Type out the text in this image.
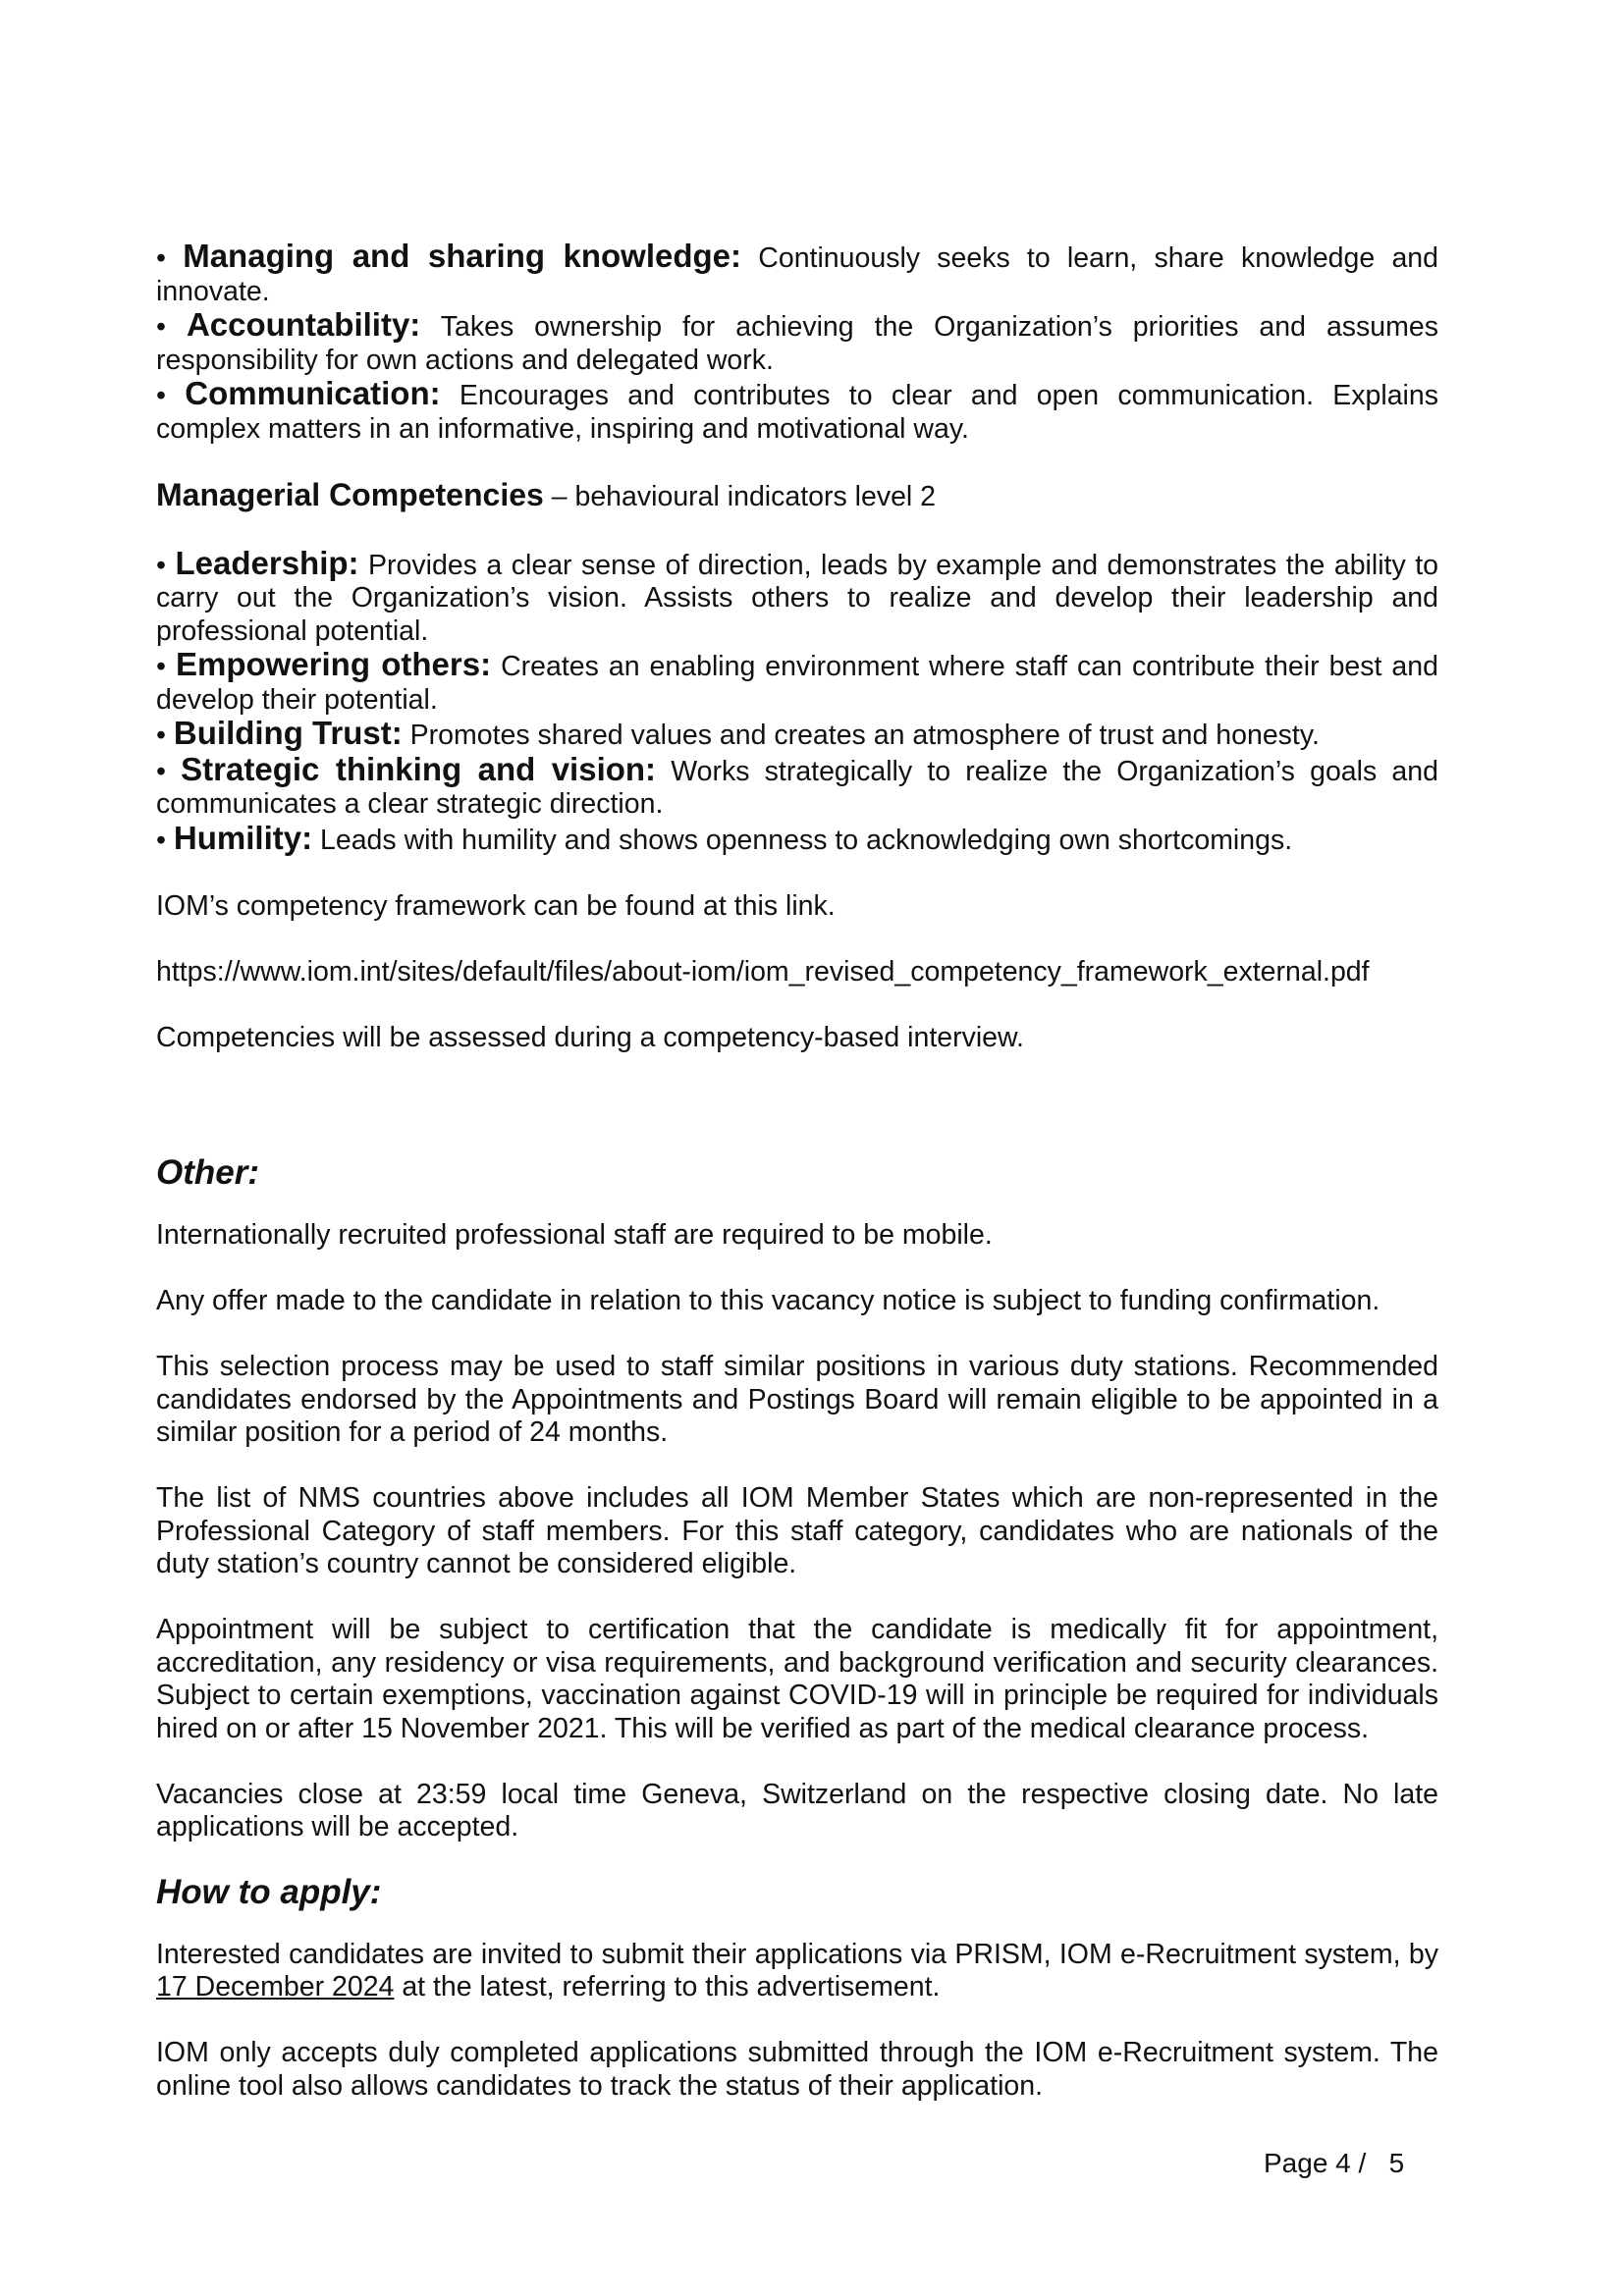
• Managing and sharing knowledge: Continuously seeks to learn, share knowledge and innovate.

• Accountability: Takes ownership for achieving the Organization’s priorities and assumes responsibility for own actions and delegated work.

• Communication: Encourages and contributes to clear and open communication. Explains complex matters in an informative, inspiring and motivational way.

Managerial Competencies – behavioural indicators level 2

• Leadership: Provides a clear sense of direction, leads by example and demonstrates the ability to carry out the Organization’s vision. Assists others to realize and develop their leadership and professional potential.

• Empowering others: Creates an enabling environment where staff can contribute their best and develop their potential.

• Building Trust: Promotes shared values and creates an atmosphere of trust and honesty.

• Strategic thinking and vision: Works strategically to realize the Organization’s goals and communicates a clear strategic direction.

• Humility: Leads with humility and shows openness to acknowledging own shortcomings.

IOM’s competency framework can be found at this link.

https://www.iom.int/sites/default/files/about-iom/iom_revised_competency_framework_external.pdf

Competencies will be assessed during a competency-based interview.

Other:

Internationally recruited professional staff are required to be mobile.

Any offer made to the candidate in relation to this vacancy notice is subject to funding confirmation.

This selection process may be used to staff similar positions in various duty stations. Recommended candidates endorsed by the Appointments and Postings Board will remain eligible to be appointed in a similar position for a period of 24 months.

The list of NMS countries above includes all IOM Member States which are non-represented in the Professional Category of staff members. For this staff category, candidates who are nationals of the duty station’s country cannot be considered eligible.

Appointment will be subject to certification that the candidate is medically fit for appointment, accreditation, any residency or visa requirements, and background verification and security clearances. Subject to certain exemptions, vaccination against COVID-19 will in principle be required for individuals hired on or after 15 November 2021. This will be verified as part of the medical clearance process.

Vacancies close at 23:59 local time Geneva, Switzerland on the respective closing date. No late applications will be accepted.

How to apply:

Interested candidates are invited to submit their applications via PRISM, IOM e-Recruitment system, by 17 December 2024 at the latest, referring to this advertisement.

IOM only accepts duly completed applications submitted through the IOM e-Recruitment system. The online tool also allows candidates to track the status of their application.

Page 4 /   5
